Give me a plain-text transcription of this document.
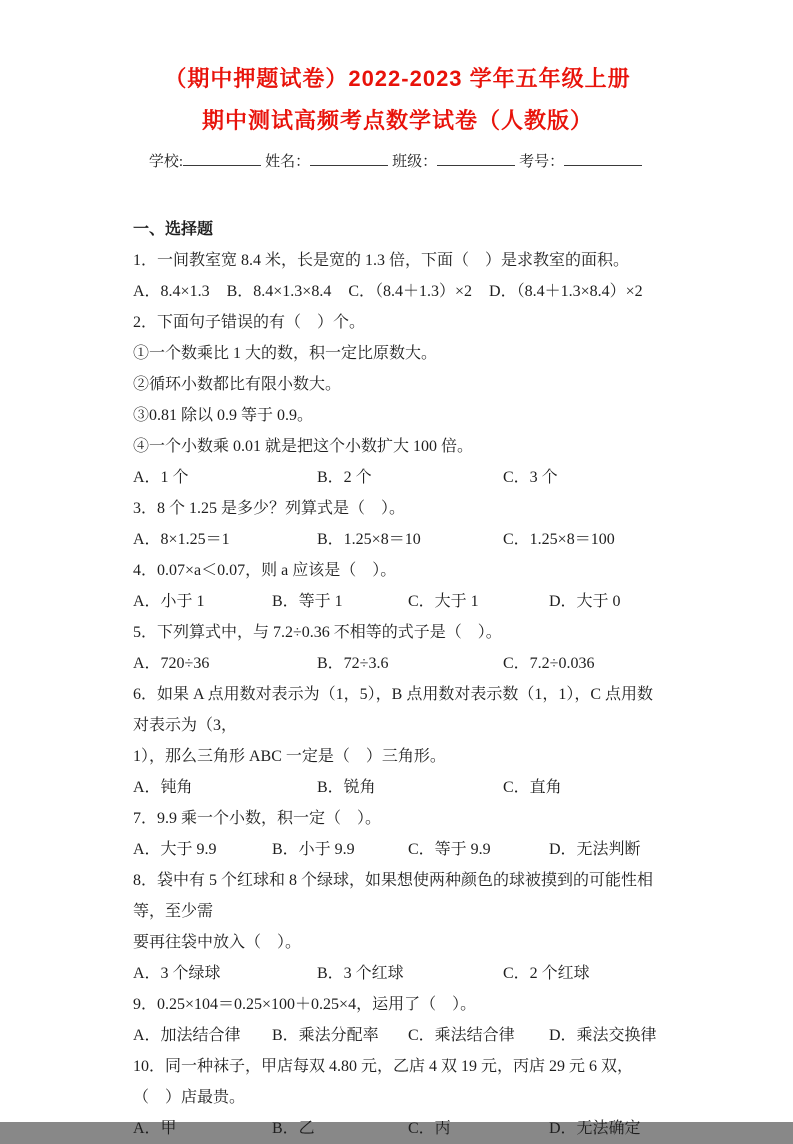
（期中押题试卷）2022-2023 学年五年级上册
期中测试高频考点数学试卷（人教版）
学校:	姓名：	班级：	考号：
一、选择题
1．一间教室宽 8.4 米，长是宽的 1.3 倍，下面（　）是求教室的面积。
A．8.4×1.3 B．8.4×1.3×8.4 C．（8.4＋1.3）×2 D．（8.4＋1.3×8.4）×2
2．下面句子错误的有（　）个。
①一个数乘比 1 大的数，积一定比原数大。
②循环小数都比有限小数大。
③0.81 除以 0.9 等于 0.9。
④一个小数乘 0.01 就是把这个小数扩大 100 倍。
A．1 个	B．2 个	C．3 个
3．8 个 1.25 是多少？列算式是（　）。
A．8×1.25＝1	B．1.25×8＝10	C．1.25×8＝100
4．0.07×a＜0.07，则 a 应该是（　）。
A．小于 1	B．等于 1	C．大于 1	D．大于 0
5．下列算式中，与 7.2÷0.36 不相等的式子是（　）。
A．720÷36	B．72÷3.6	C．7.2÷0.036
6．如果 A 点用数对表示为（1，5），B 点用数对表示数（1，1），C 点用数对表示为（3，
1），那么三角形 ABC 一定是（　）三角形。
A．钝角	B．锐角	C．直角
7．9.9 乘一个小数，积一定（　）。
A．大于 9.9	B．小于 9.9	C．等于 9.9	D．无法判断
8．袋中有 5 个红球和 8 个绿球，如果想使两种颜色的球被摸到的可能性相等，至少需
要再往袋中放入（　）。
A．3 个绿球	B．3 个红球	C．2 个红球
9．0.25×104＝0.25×100＋0.25×4，运用了（　）。
A．加法结合律	B．乘法分配率	C．乘法结合律	D．乘法交换律
10．同一种袜子，甲店每双 4.80 元，乙店 4 双 19 元，丙店 29 元 6 双，（　）店最贵。
A．甲	B．乙	C．丙	D．无法确定
